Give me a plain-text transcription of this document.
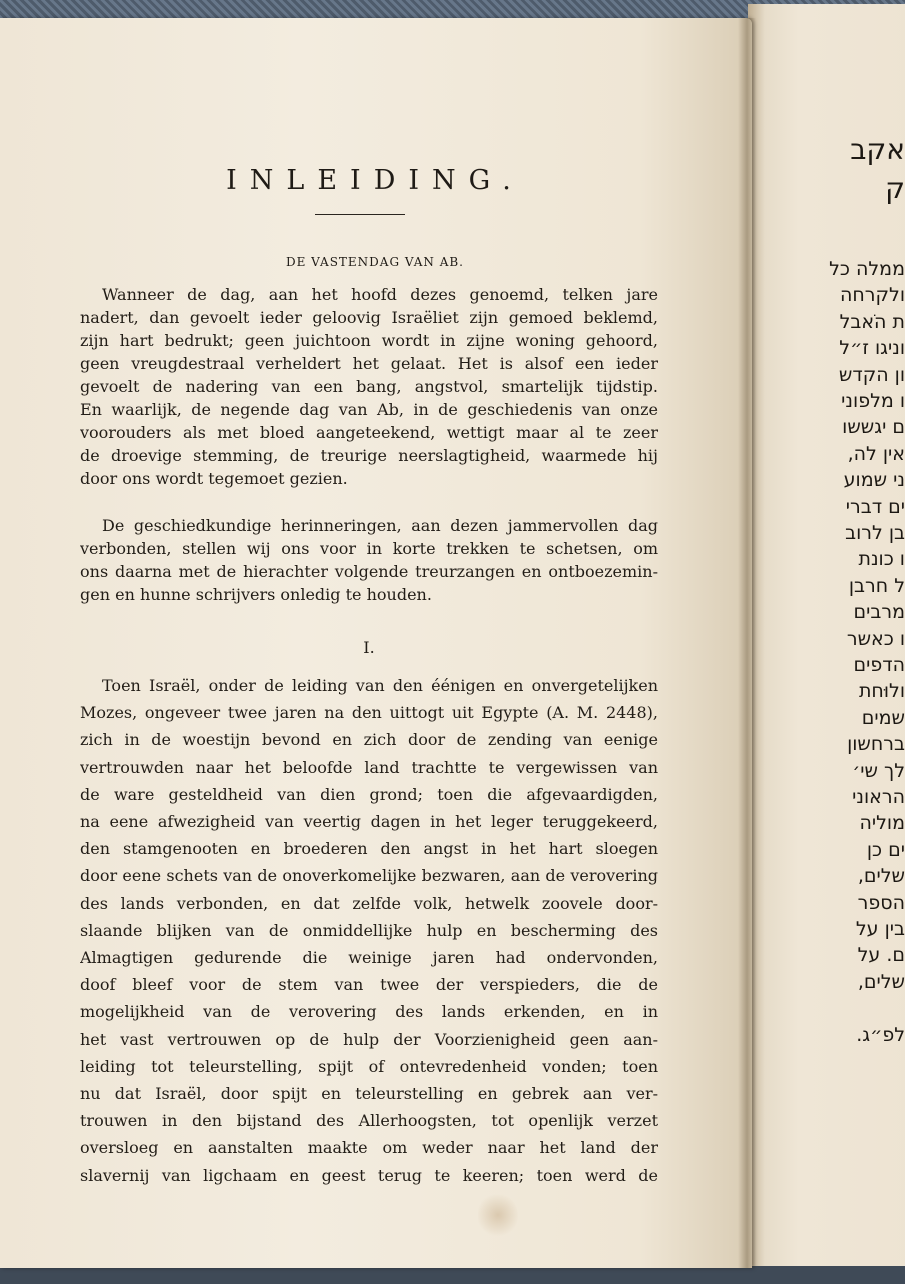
INLEIDING.
DE VASTENDAG VAN AB.

Wanneer de dag, aan het hoofd dezes genoemd, telken jare
nadert, dan gevoelt ieder geloovig Israëliet zijn gemoed beklemd,
zijn hart bedrukt; geen juichtoon wordt in zijne woning gehoord,
geen vreugdestraal verheldert het gelaat. Het is alsof een ieder
gevoelt de nadering van een bang, angstvol, smartelijk tijdstip.
En waarlijk, de negende dag van Ab, in de geschiedenis van onze
voorouders als met bloed aangeteekend, wettigt maar al te zeer
de droevige stemming, de treurige neerslagtigheid, waarmede hij
door ons wordt tegemoet gezien.

De geschiedkundige herinneringen, aan dezen jammervollen dag
verbonden, stellen wij ons voor in korte trekken te schetsen, om
ons daarna met de hierachter volgende treurzangen en ontboezemin-
gen en hunne schrijvers onledig te houden.

I.

Toen Israël, onder de leiding van den éénigen en onvergetelijken
Mozes, ongeveer twee jaren na den uittogt uit Egypte (A. M. 2448),
zich in de woestijn bevond en zich door de zending van eenige
vertrouwden naar het beloofde land trachtte te vergewissen van
de ware gesteldheid van dien grond; toen die afgevaardigden,
na eene afwezigheid van veertig dagen in het leger teruggekeerd,
den stamgenooten en broederen den angst in het hart sloegen
door eene schets van de onoverkomelijke bezwaren, aan de verovering
des lands verbonden, en dat zelfde volk, hetwelk zoovele door-
slaande blijken van de onmiddellijke hulp en bescherming des
Almagtigen gedurende die weinige jaren had ondervonden,
doof bleef voor de stem van twee der verspieders, die de
mogelijkheid van de verovering des lands erkenden, en in
het vast vertrouwen op de hulp der Voorzienigheid geen aan-
leiding tot teleurstelling, spijt of ontevredenheid vonden; toen
nu dat Israël, door spijt en teleurstelling en gebrek aan ver-
trouwen in den bijstand des Allerhoogsten, tot openlijk verzet
oversloeg en aanstalten maakte om weder naar het land der
slavernij van ligchaam en geest terug te keeren; toen werd de

אקב
ק
ממלה כל
ולקרחה
ת הֹאבל
וניגו ז״ל
ון הקדש
ו מלפוני
ם יגששו
אין לה,
ני שמוע
ים דברי
ּבן לרוב
ו כונת
ל חרבן
מרבים
ו כאשר
הדפים
ולוּחת
שמים
ברחשון
לך שי׳
הראוני
מוליה
ים כן
שלים,
הספר
בין על
ם. על
שלים,
לפ״ג.
